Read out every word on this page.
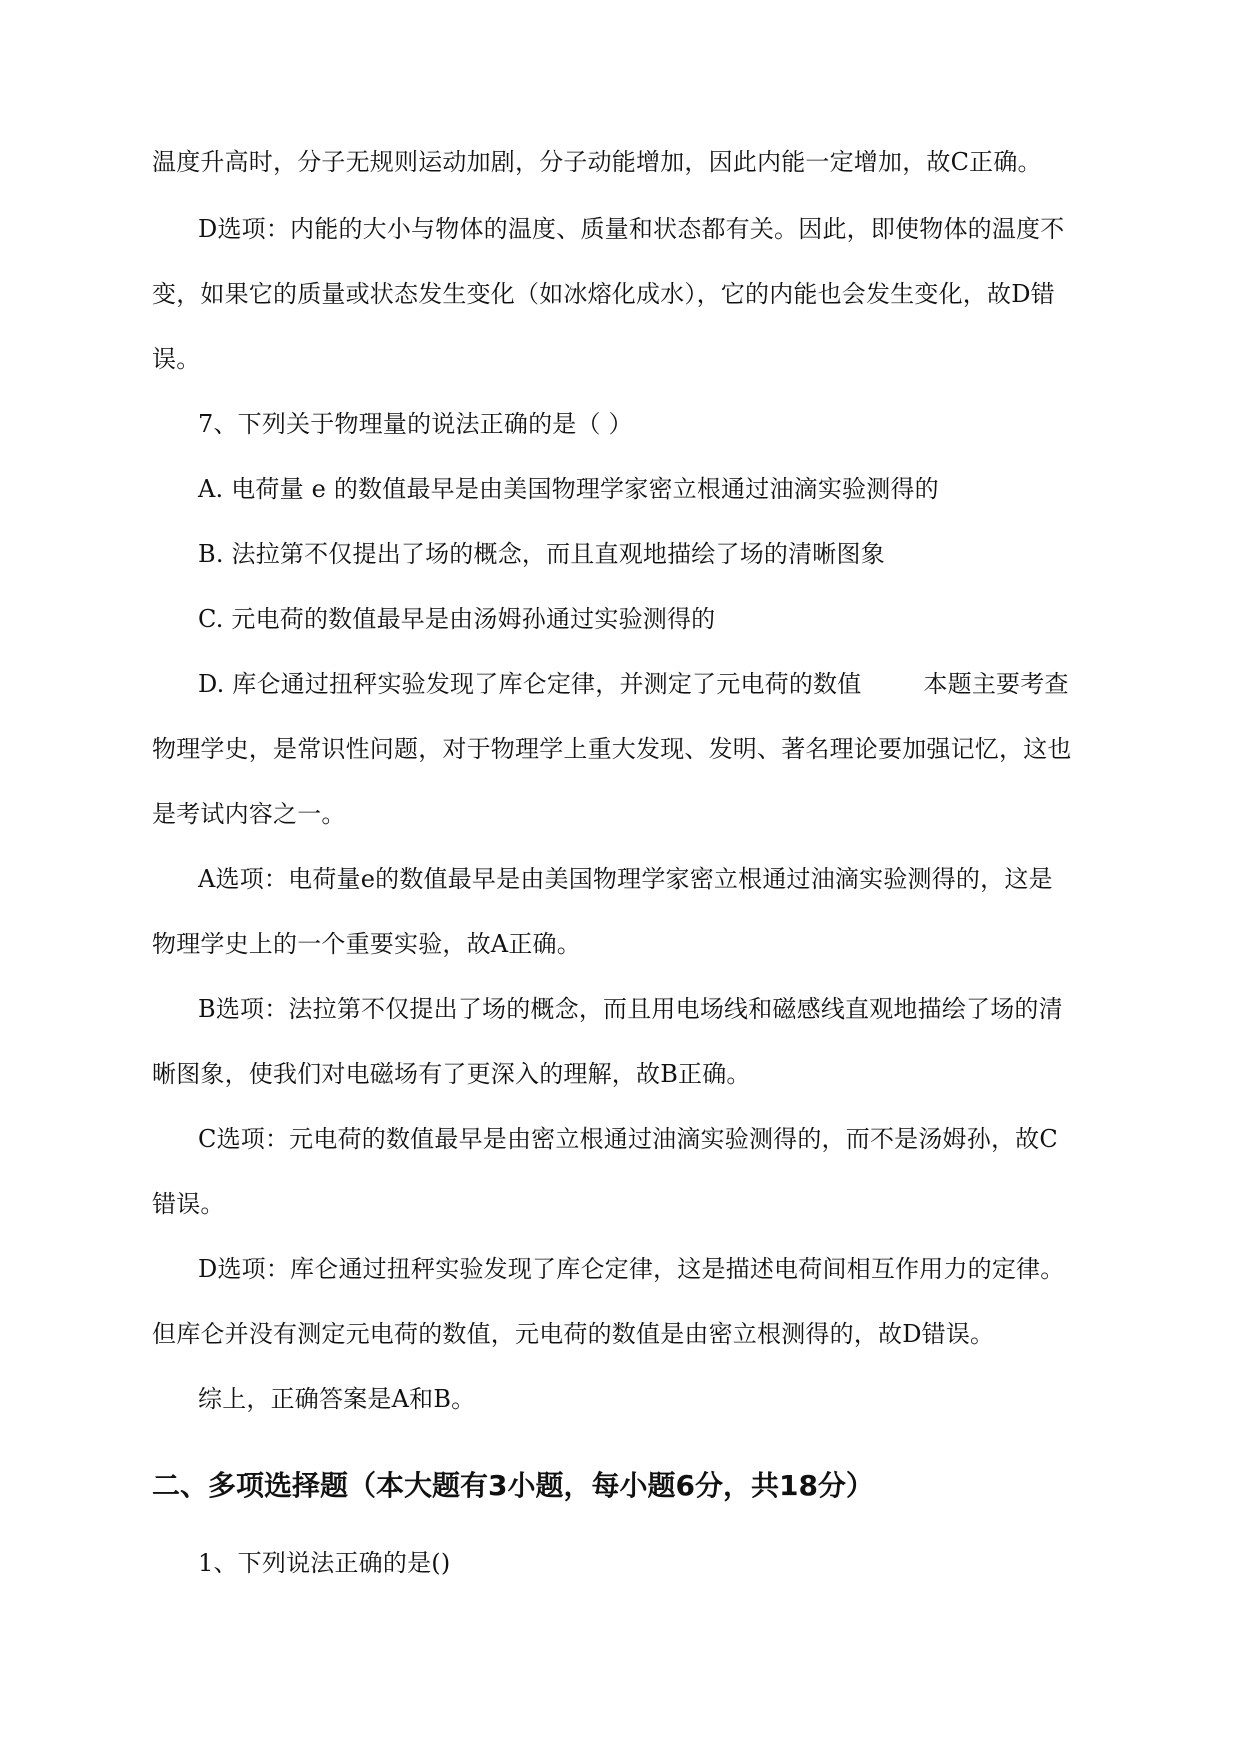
温度升高时，分子无规则运动加剧，分子动能增加，因此内能一定增加，故C正确。
D选项：内能的大小与物体的温度、质量和状态都有关。因此，即使物体的温度不
变，如果它的质量或状态发生变化（如冰熔化成水），它的内能也会发生变化，故D错
误。
7、下列关于物理量的说法正确的是（ ）
A. 电荷量 e 的数值最早是由美国物理学家密立根通过油滴实验测得的
B. 法拉第不仅提出了场的概念，而且直观地描绘了场的清晰图象
C. 元电荷的数值最早是由汤姆孙通过实验测得的
D. 库仑通过扭秤实验发现了库仑定律，并测定了元电荷的数值	本题主要考查
物理学史，是常识性问题，对于物理学上重大发现、发明、著名理论要加强记忆，这也
是考试内容之一。
A选项：电荷量e的数值最早是由美国物理学家密立根通过油滴实验测得的，这是
物理学史上的一个重要实验，故A正确。
B选项：法拉第不仅提出了场的概念，而且用电场线和磁感线直观地描绘了场的清
晰图象，使我们对电磁场有了更深入的理解，故B正确。
C选项：元电荷的数值最早是由密立根通过油滴实验测得的，而不是汤姆孙，故C
错误。
D选项：库仑通过扭秤实验发现了库仑定律，这是描述电荷间相互作用力的定律。
但库仑并没有测定元电荷的数值，元电荷的数值是由密立根测得的，故D错误。
综上，正确答案是A和B。
二、多项选择题（本大题有3小题，每小题6分，共18分）
1、下列说法正确的是()
